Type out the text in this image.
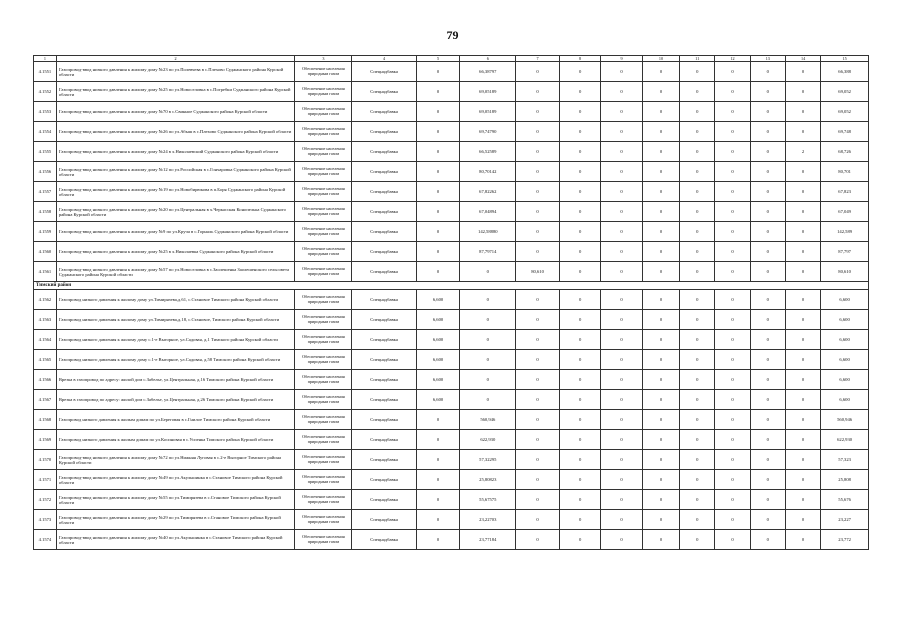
79
1	2	3	4	5	6	7	8	9	10	11	12	13	14	15
4.1551	Газопровод-ввод низкого давления к жилому дому №23 по ул.Полевчева в с.Плехово Суджанского района Курской области	Обеспечение населения природным газом	Спецнадбавка	0	66,38797	0	0	0	0	0	0	0	0	66,388
4.1552	Газопровод-ввод низкого давления к жилому дому №25 по ул.Новоселовка в с.Погребки Суджанского района Курской области	Обеспечение населения природным газом	Спецнадбавка	0	69,05189	0	0	0	0	0	0	0	0	69,052
4.1553	Газопровод-ввод низкого давления к жилому дому №70 в с.Свинное Суджанского района Курской области	Обеспечение населения природным газом	Спецнадбавка	0	69,05189	0	0	0	0	0	0	0	0	69,052
4.1554	Газопровод-ввод низкого давления к жилому дому №26 по ул.Абыш в с.Плехово Суджанского района Курской области	Обеспечение населения природным газом	Спецнадбавка	0	69,74790	0	0	0	0	0	0	0	0	69,748
4.1555	Газопровод-ввод низкого давления к жилому дому №24 в х.Николаевский Суджанского района Курской области	Обеспечение населения природным газом	Спецнадбавка	0	66,52589	0	0	0	0	0	0	0	2	68,726
4.1556	Газопровод-ввод низкого давления к жилому дому №12 по ул.Российская в с.Гончаровка Суджанского района Курской области	Обеспечение населения природным газом	Спецнадбавка	0	80,70142	0	0	0	0	0	0	0	0	80,701
4.1557	Газопровод-ввод низкого давления к жилому дому №19 по ул.Новобирюкова в п.Боря Суджанского района Курской области	Обеспечение населения природным газом	Спецнадбавка	0	67,82262	0	0	0	0	0	0	0	0	67,823
4.1558	Газопровод-ввод низкого давления к жилому дому №20 по ул.Центральная в х.Черкасская Конопелька Суджанского района Курской области	Обеспечение населения природным газом	Спецнадбавка	0	67,04894	0	0	0	0	0	0	0	0	67,049
4.1559	Газопровод-ввод низкого давления к жилому дому №9 по ул.Круча в с.Горналь Суджанского района Курской области	Обеспечение населения природным газом	Спецнадбавка	0	142,58880	0	0	0	0	0	0	0	0	142,589
4.1560	Газопровод-ввод низкого давления к жилому дому №25 в х.Николаевка Суджанского района Курской области	Обеспечение населения природным газом	Спецнадбавка	0	87,79714	0	0	0	0	0	0	0	0	87,797
4.1561	Газопровод-ввод низкого давления к жилому дому №57 по ул.Новоселовка в с.Заолешенка Заолешенского сельсовета Суджанского района Курской области	Обеспечение населения природным газом	Спецнадбавка	0	0	80,610	0	0	0	0	0	0	0	80,610
Тимский район														
4.1562	Газопровод низкого давления к жилому дому ул.Тимирязева,д.61, с.Становое Тимского района Курской области	Обеспечение населения природным газом	Спецнадбавка	6,600	0	0	0	0	0	0	0	0	0	6,600
4.1563	Газопровод низкого давления к жилому дому ул.Тимирязева,д.18, с.Становое, Тимского района Курской области	Обеспечение населения природным газом	Спецнадбавка	6,600	0	0	0	0	0	0	0	0	0	6,600
4.1564	Газопровод низкого давления к жилому дому с.1-е Выгорное, ул.Садовая, д.1 Тимского района Курской области	Обеспечение населения природным газом	Спецнадбавка	6,600	0	0	0	0	0	0	0	0	0	6,600
4.1565	Газопровод низкого давления к жилому дому с.1-е Выгорное, ул.Садовая, д.58 Тимского района Курской области	Обеспечение населения природным газом	Спецнадбавка	6,600	0	0	0	0	0	0	0	0	0	6,600
4.1566	Врезка в газопровод по адресу: жилой дом с.Забелье, ул.Центральная, д.16 Тимского района Курской области	Обеспечение населения природным газом	Спецнадбавка	6,600	0	0	0	0	0	0	0	0	0	6,600
4.1567	Врезка в газопровод по адресу: жилой дом с.Забелье, ул.Центральная, д.26 Тимского района Курской области	Обеспечение населения природным газом	Спецнадбавка	6,600	0	0	0	0	0	0	0	0	0	6,600
4.1568	Газопровод низкого давления к жилым домам по ул.Береговая в с.Гнилое Тимского района Курской области	Обеспечение населения природным газом	Спецнадбавка	0	560,946	0	0	0	0	0	0	0	0	560,946
4.1569	Газопровод низкого давления к жилым домам по ул.Косиновая в с.Успенка Тимского района Курской области	Обеспечение населения природным газом	Спецнадбавка	0	622,930	0	0	0	0	0	0	0	0	622,930
4.1570	Газопровод-ввод низкого давления к жилому дому №72 по ул.Нижняя Луговая в с.2-е Выгорное Тимского района Курской области	Обеспечение населения природным газом	Спецнадбавка	0	57,32295	0	0	0	0	0	0	0	0	57,323
4.1571	Газопровод-ввод низкого давления к жилому дому №49 по ул.Акульшинка в с.Становое Тимского района Курской области	Обеспечение населения природным газом	Спецнадбавка	0	25,80823	0	0	0	0	0	0	0	0	25,808
4.1572	Газопровод-ввод низкого давления к жилому дому №55 по ул.Тимирязева в с.Становое Тимского района Курской области	Обеспечение населения природным газом	Спецнадбавка	0	55,67575	0	0	0	0	0	0	0	0	55,676
4.1573	Газопровод-ввод низкого давления к жилому дому №29 по ул.Тимирязева в с.Становое Тимского района Курской области	Обеспечение населения природным газом	Спецнадбавка	0	23,22703	0	0	0	0	0	0	0	0	23,227
4.1574	Газопровод-ввод низкого давления к жилому дому №40 по ул.Акульшинка в с.Становое Тимского района Курской области	Обеспечение населения природным газом	Спецнадбавка	0	23,77184	0	0	0	0	0	0	0	0	23,772
